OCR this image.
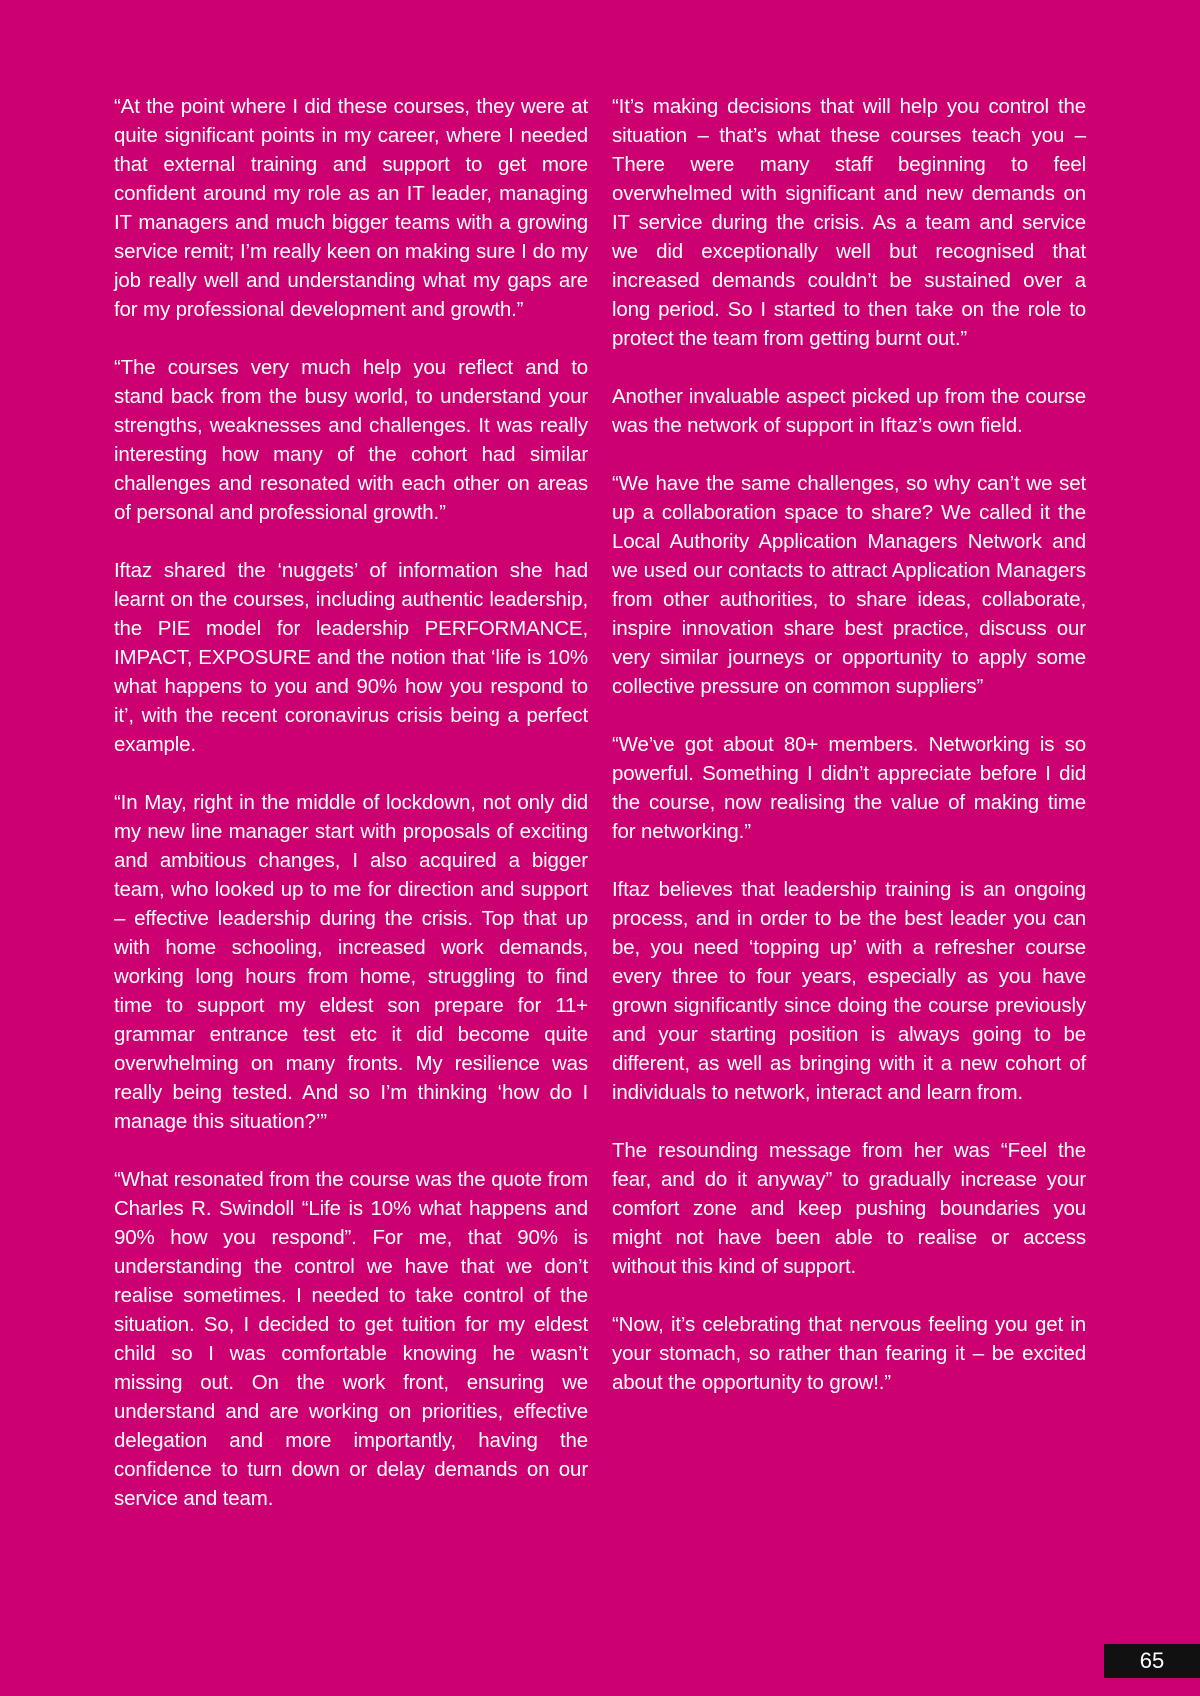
“At the point where I did these courses, they were at quite significant points in my career, where I needed that external training and support to get more confident around my role as an IT leader, managing IT managers and much bigger teams with a growing service remit; I’m really keen on making sure I do my job really well and understanding what my gaps are for my professional development and growth.”

“The courses very much help you reflect and to stand back from the busy world, to understand your strengths, weaknesses and challenges. It was really interesting how many of the cohort had similar challenges and resonated with each other on areas of personal and professional growth.”

Iftaz shared the ‘nuggets’ of information she had learnt on the courses, including authentic leadership, the PIE model for leadership PERFORMANCE, IMPACT, EXPOSURE and the notion that ‘life is 10% what happens to you and 90% how you respond to it’, with the recent coronavirus crisis being a perfect example.

“In May, right in the middle of lockdown, not only did my new line manager start with proposals of exciting and ambitious changes, I also acquired a bigger team, who looked up to me for direction and support – effective leadership during the crisis. Top that up with home schooling, increased work demands, working long hours from home, struggling to find time to support my eldest son prepare for 11+ grammar entrance test etc it did become quite overwhelming on many fronts. My resilience was really being tested. And so I’m thinking ‘how do I manage this situation?’”

“What resonated from the course was the quote from Charles R. Swindoll “Life is 10% what happens and 90% how you respond”. For me, that 90% is understanding the control we have that we don’t realise sometimes. I needed to take control of the situation. So, I decided to get tuition for my eldest child so I was comfortable knowing he wasn’t missing out. On the work front, ensuring we understand and are working on priorities, effective delegation and more importantly, having the confidence to turn down or delay demands on our service and team.

“It’s making decisions that will help you control the situation – that’s what these courses teach you – There were many staff beginning to feel overwhelmed with significant and new demands on IT service during the crisis. As a team and service we did exceptionally well but recognised that increased demands couldn’t be sustained over a long period. So I started to then take on the role to protect the team from getting burnt out.”

Another invaluable aspect picked up from the course was the network of support in Iftaz’s own field.

“We have the same challenges, so why can’t we set up a collaboration space to share? We called it the Local Authority Application Managers Network and we used our contacts to attract Application Managers from other authorities, to share ideas, collaborate, inspire innovation share best practice, discuss our very similar journeys or opportunity to apply some collective pressure on common suppliers”

“We’ve got about 80+ members. Networking is so powerful. Something I didn’t appreciate before I did the course, now realising the value of making time for networking.”

Iftaz believes that leadership training is an ongoing process, and in order to be the best leader you can be, you need ‘topping up’ with a refresher course every three to four years, especially as you have grown significantly since doing the course previously and your starting position is always going to be different, as well as bringing with it a new cohort of individuals to network, interact and learn from.

The resounding message from her was “Feel the fear, and do it anyway” to gradually increase your comfort zone and keep pushing boundaries you might not have been able to realise or access without this kind of support.

“Now, it’s celebrating that nervous feeling you get in your stomach, so rather than fearing it – be excited about the opportunity to grow!.”

65
